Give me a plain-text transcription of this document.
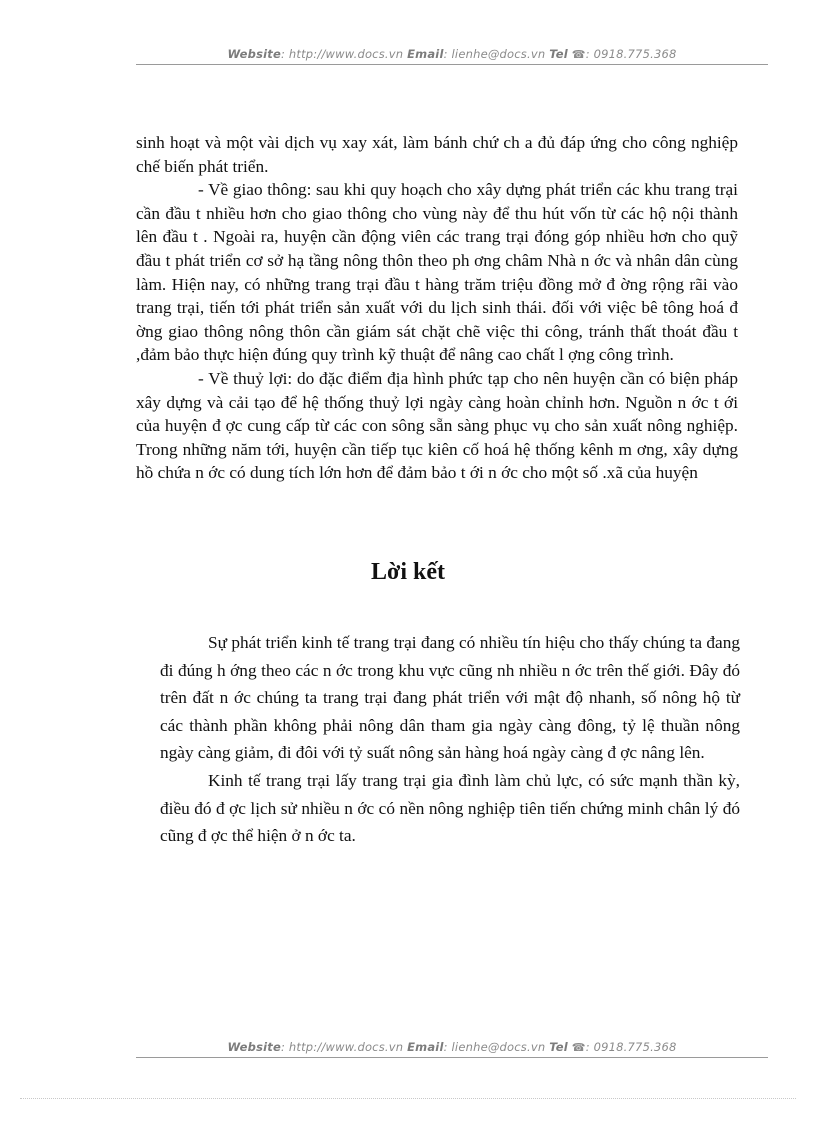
Website: http://www.docs.vn Email: lienhe@docs.vn Tel ☎: 0918.775.368

sinh hoạt và một vài dịch vụ xay xát, làm bánh chứ ch a đủ đáp ứng cho công nghiệp chế biến phát triển.

- Về giao thông: sau khi quy hoạch cho xây dựng phát triển các khu trang trại cần đầu t nhiều hơn cho giao thông cho vùng này để thu hút vốn từ các hộ nội thành lên đầu t . Ngoài ra, huyện cần động viên các trang trại đóng góp nhiều hơn cho quỹ đầu t phát triển cơ sở hạ tầng nông thôn theo ph ơng châm Nhà n ớc và nhân dân cùng làm. Hiện nay, có những trang trại đầu t hàng trăm triệu đồng mở đ ờng rộng rãi vào trang trại, tiến tới phát triển sản xuất với du lịch sinh thái. đối với việc bê tông hoá đ ờng giao thông nông thôn cần giám sát chặt chẽ việc thi công, tránh thất thoát đầu t ,đảm bảo thực hiện đúng quy trình kỹ thuật để nâng cao chất l ợng công trình.

- Về thuỷ lợi: do đặc điểm địa hình phức tạp cho nên huyện cần có biện pháp xây dựng và cải tạo để hệ thống thuỷ lợi ngày càng hoàn chỉnh hơn. Nguồn n ớc t ới của huyện đ ợc cung cấp từ các con sông sẵn sàng phục vụ cho sản xuất nông nghiệp. Trong những năm tới, huyện cần tiếp tục kiên cố hoá hệ thống kênh m ơng, xây dựng hồ chứa n ớc có dung tích lớn hơn để đảm bảo t ới n ớc cho một số .xã của huyện

Lời kết

Sự phát triển kinh tế trang trại đang có nhiều tín hiệu cho thấy chúng ta đang đi đúng h ớng theo các n ớc trong khu vực cũng nh nhiều n ớc trên thế giới. Đây đó trên đất n ớc chúng ta trang trại đang phát triển với mật độ nhanh, số nông hộ từ các thành phần không phải nông dân tham gia ngày càng đông, tỷ lệ thuần nông ngày càng giảm, đi đôi với tỷ suất nông sản hàng hoá ngày càng đ ợc nâng lên.

Kinh tế trang trại lấy trang trại gia đình làm chủ lực, có sức mạnh thần kỳ, điều đó đ ợc lịch sử nhiều n ớc có nền nông nghiệp tiên tiến chứng minh chân lý đó cũng đ ợc thể hiện ở n ớc ta.

Website: http://www.docs.vn Email: lienhe@docs.vn Tel ☎: 0918.775.368
